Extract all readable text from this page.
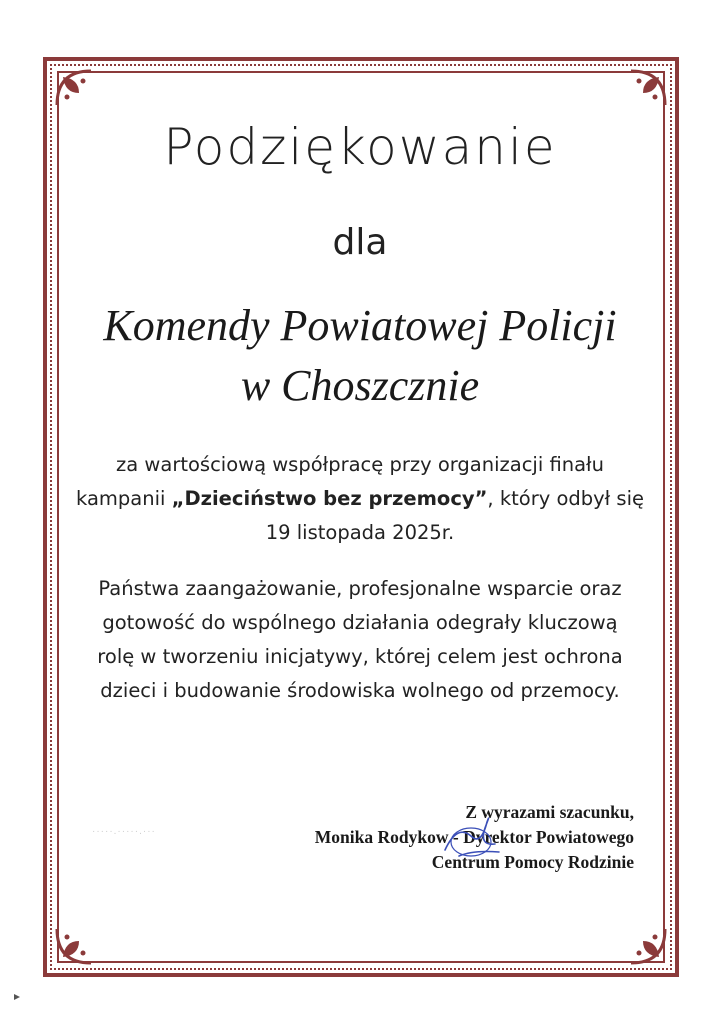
Podziękowanie
dla
Komendy Powiatowej Policji
w Choszcznie
za wartościową współpracę przy organizacji finału
kampanii „Dzieciństwo bez przemocy”, który odbył się
19 listopada 2025r.
Państwa zaangażowanie, profesjonalne wsparcie oraz
gotowość do wspólnego działania odegrały kluczową
rolę w tworzeniu inicjatywy, której celem jest ochrona
dzieci i budowanie środowiska wolnego od przemocy.
·····.·····.···
Z wyrazami szacunku,
Monika Rodykow - Dyrektor Powiatowego
Centrum Pomocy Rodzinie
